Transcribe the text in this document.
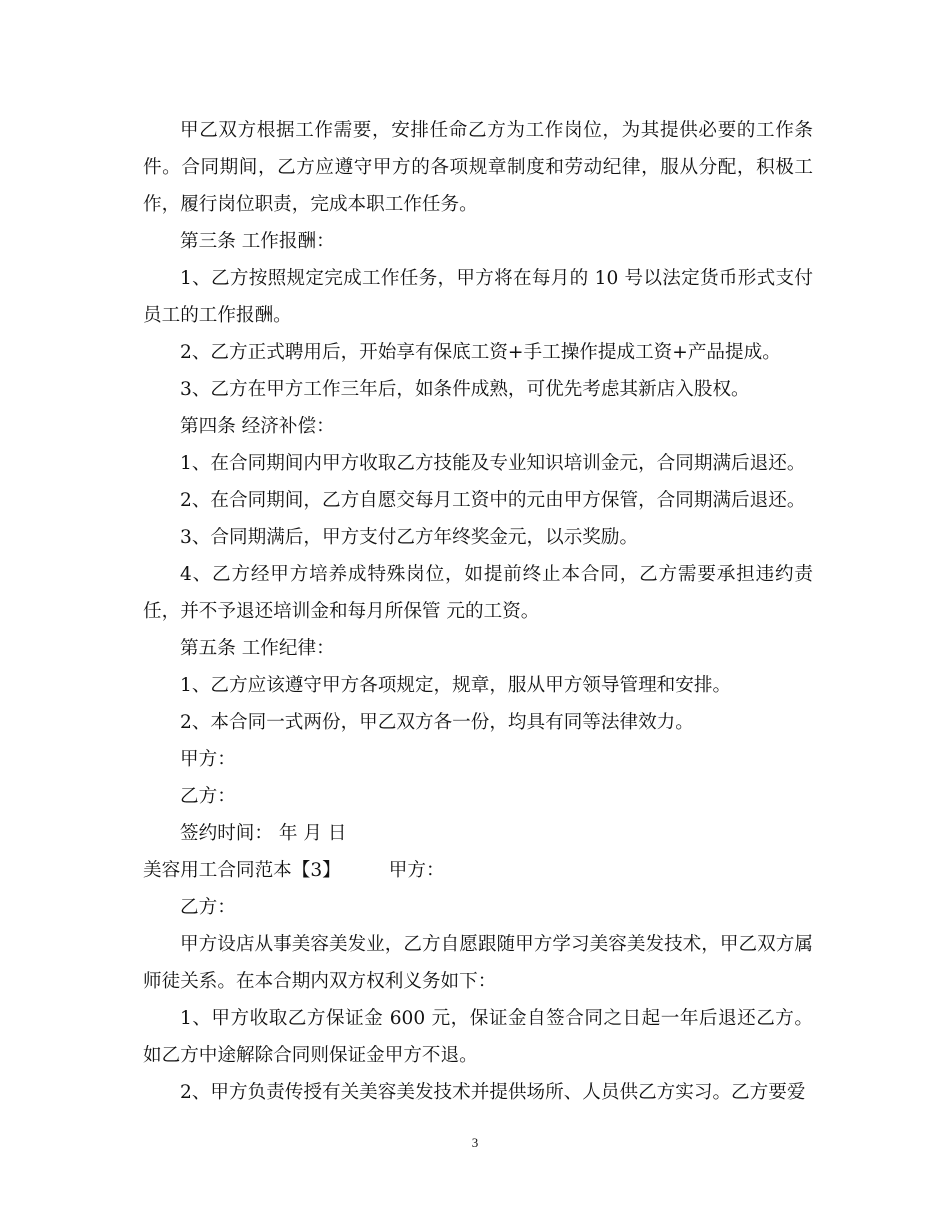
甲乙双方根据工作需要，安排任命乙方为工作岗位，为其提供必要的工作条件。合同期间，乙方应遵守甲方的各项规章制度和劳动纪律，服从分配，积极工作，履行岗位职责，完成本职工作任务。

第三条 工作报酬：

1、乙方按照规定完成工作任务，甲方将在每月的 10 号以法定货币形式支付员工的工作报酬。

2、乙方正式聘用后，开始享有保底工资+手工操作提成工资+产品提成。

3、乙方在甲方工作三年后，如条件成熟，可优先考虑其新店入股权。

第四条 经济补偿：

1、在合同期间内甲方收取乙方技能及专业知识培训金元，合同期满后退还。

2、在合同期间，乙方自愿交每月工资中的元由甲方保管，合同期满后退还。

3、合同期满后，甲方支付乙方年终奖金元，以示奖励。

4、乙方经甲方培养成特殊岗位，如提前终止本合同，乙方需要承担违约责任，并不予退还培训金和每月所保管 元的工资。

第五条 工作纪律：

1、乙方应该遵守甲方各项规定，规章，服从甲方领导管理和安排。

2、本合同一式两份，甲乙双方各一份，均具有同等法律效力。

甲方：

乙方：

签约时间： 年 月 日

美容用工合同范本【3】	甲方：

乙方：

甲方设店从事美容美发业，乙方自愿跟随甲方学习美容美发技术，甲乙双方属师徒关系。在本合期内双方权利义务如下：

1、甲方收取乙方保证金 600 元，保证金自签合同之日起一年后退还乙方。如乙方中途解除合同则保证金甲方不退。

2、甲方负责传授有关美容美发技术并提供场所、人员供乙方实习。乙方要爱

3
